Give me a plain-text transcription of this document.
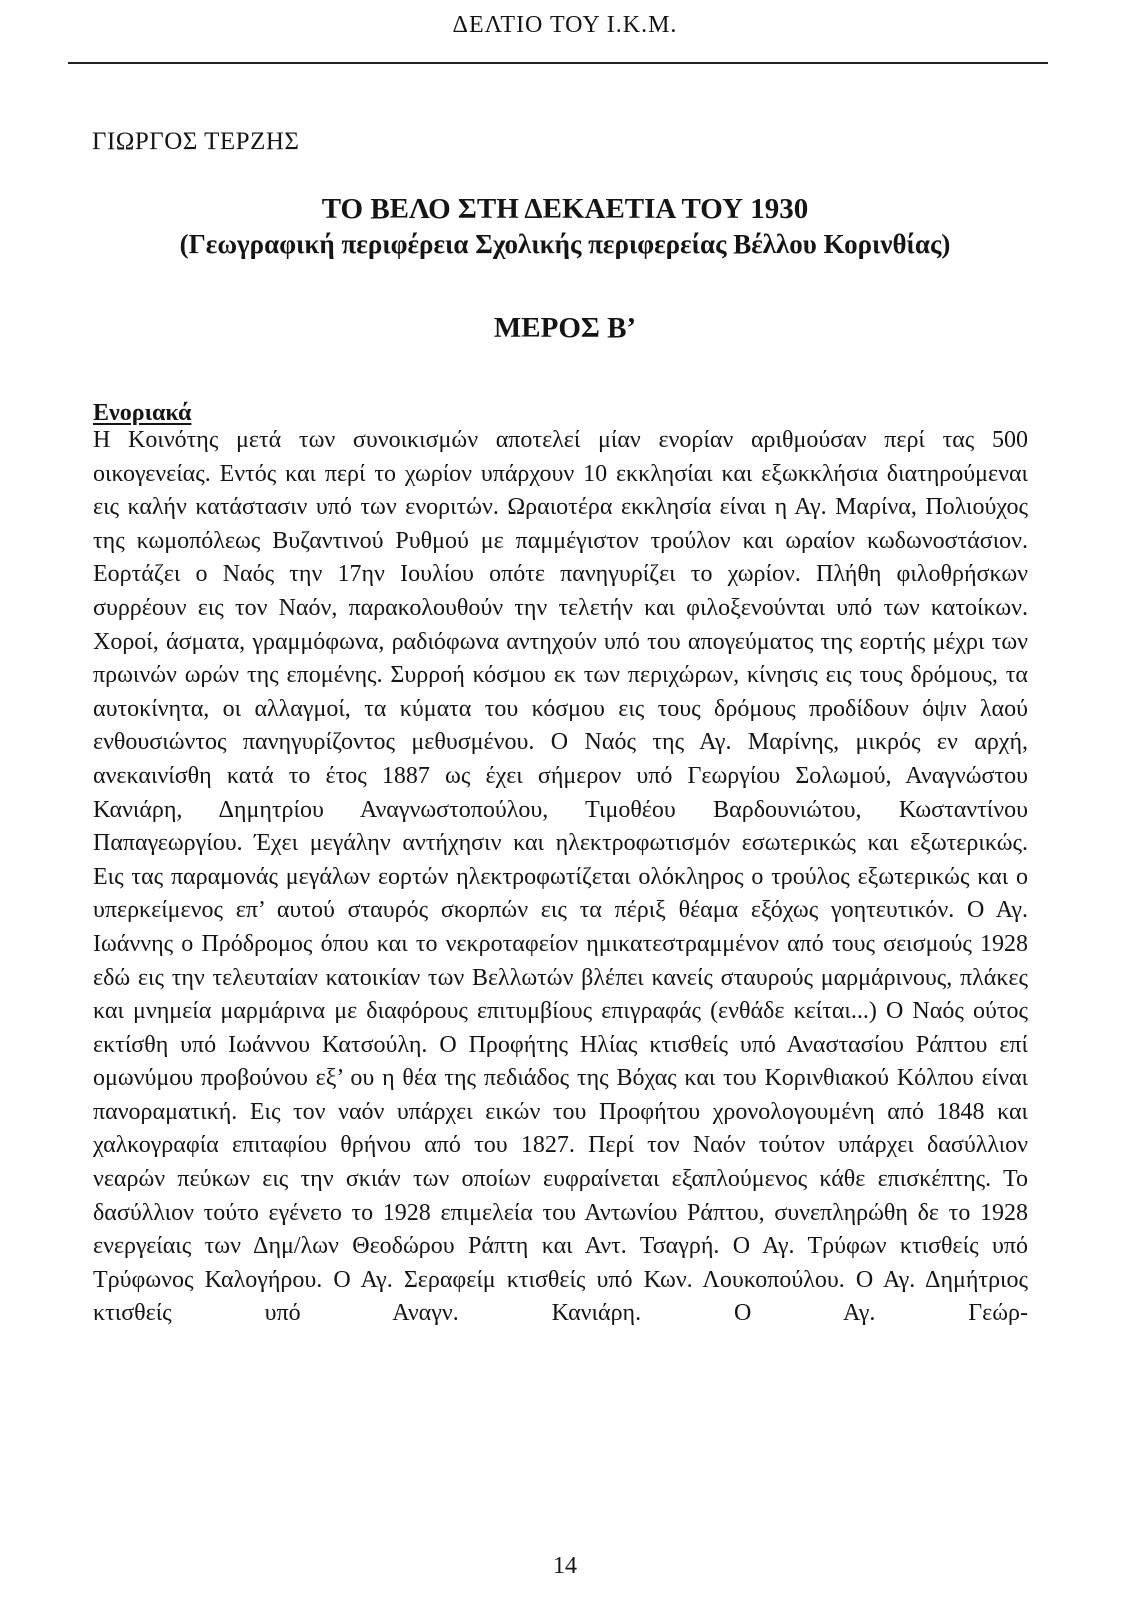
ΔΕΛΤΙΟ ΤΟΥ Ι.Κ.Μ.
ΓΙΩΡΓΟΣ ΤΕΡΖΗΣ
ΤΟ ΒΕΛΟ ΣΤΗ ΔΕΚΑΕΤΙΑ ΤΟΥ 1930
(Γεωγραφική περιφέρεια Σχολικής περιφερείας Βέλλου Κορινθίας)
ΜΕΡΟΣ Β’
Ενοριακά

Η Κοινότης μετά των συνοικισμών αποτελεί μίαν ενορίαν αριθμούσαν περί τας 500 οικογενείας. Εντός και περί το χωρίον υπάρχουν 10 εκκλησίαι και εξωκκλήσια διατηρούμεναι εις καλήν κατάστασιν υπό των ενοριτών. Ωραιοτέρα εκκλησία είναι η Αγ. Μαρίνα, Πολιούχος της κωμοπόλεως Βυζαντινού Ρυθμού με παμμέγιστον τρούλον και ωραίον κωδωνοστάσιον. Εορτάζει ο Ναός την 17ην Ιουλίου οπότε πανηγυρίζει το χωρίον. Πλήθη φιλοθρήσκων συρρέουν εις τον Ναόν, παρακολουθούν την τελετήν και φιλοξενούνται υπό των κατοίκων. Χοροί, άσματα, γραμμόφωνα, ραδιόφωνα αντηχούν υπό του απογεύματος της εορτής μέχρι των πρωινών ωρών της επομένης. Συρροή κόσμου εκ των περιχώρων, κίνησις εις τους δρόμους, τα αυτοκίνητα, οι αλλαγμοί, τα κύματα του κόσμου εις τους δρόμους προδίδουν όψιν λαού ενθουσιώντος πανηγυρίζοντος μεθυσμένου. Ο Ναός της Αγ. Μαρίνης, μικρός εν αρχή, ανεκαινίσθη κατά το έτος 1887 ως έχει σήμερον υπό Γεωργίου Σολωμού, Αναγνώστου Κανιάρη, Δημητρίου Αναγνωστοπούλου, Τιμοθέου Βαρδουνιώτου, Κωσταντίνου Παπαγεωργίου. Έχει μεγάλην αντήχησιν και ηλεκτροφωτισμόν εσωτερικώς και εξωτερικώς. Εις τας παραμονάς μεγάλων εορτών ηλεκτροφωτίζεται ολόκληρος ο τρούλος εξωτερικώς και ο υπερκείμενος επ’ αυτού σταυρός σκορπών εις τα πέριξ θέαμα εξόχως γοητευτικόν. Ο Αγ. Ιωάννης ο Πρόδρομος όπου και το νεκροταφείον ημικατεστραμμένον από τους σεισμούς 1928 εδώ εις την τελευταίαν κατοικίαν των Βελλωτών βλέπει κανείς σταυρούς μαρμάρινους, πλάκες και μνημεία μαρμάρινα με διαφόρους επιτυμβίους επιγραφάς (ενθάδε κείται...) Ο Ναός ούτος εκτίσθη υπό Ιωάννου Κατσούλη. Ο Προφήτης Ηλίας κτισθείς υπό Αναστασίου Ράπτου επί ομωνύμου προβούνου εξ’ ου η θέα της πεδιάδος της Βόχας και του Κορινθιακού Κόλπου είναι πανοραματική. Εις τον ναόν υπάρχει εικών του Προφήτου χρονολογουμένη από 1848 και χαλκογραφία επιταφίου θρήνου από του 1827. Περί τον Ναόν τούτον υπάρχει δασύλλιον νεαρών πεύκων εις την σκιάν των οποίων ευφραίνεται εξαπλούμενος κάθε επισκέπτης. Το δασύλλιον τούτο εγένετο το 1928 επιμελεία του Αντωνίου Ράπτου, συνεπληρώθη δε το 1928 ενεργείαις των Δημ/λων Θεοδώρου Ράπτη και Αντ. Τσαγρή. Ο Αγ. Τρύφων κτισθείς υπό Τρύφωνος Καλογήρου. Ο Αγ. Σεραφείμ κτισθείς υπό Κων. Λουκοπούλου. Ο Αγ. Δημήτριος κτισθείς υπό Αναγν. Κανιάρη. Ο Αγ. Γεώρ-

14
